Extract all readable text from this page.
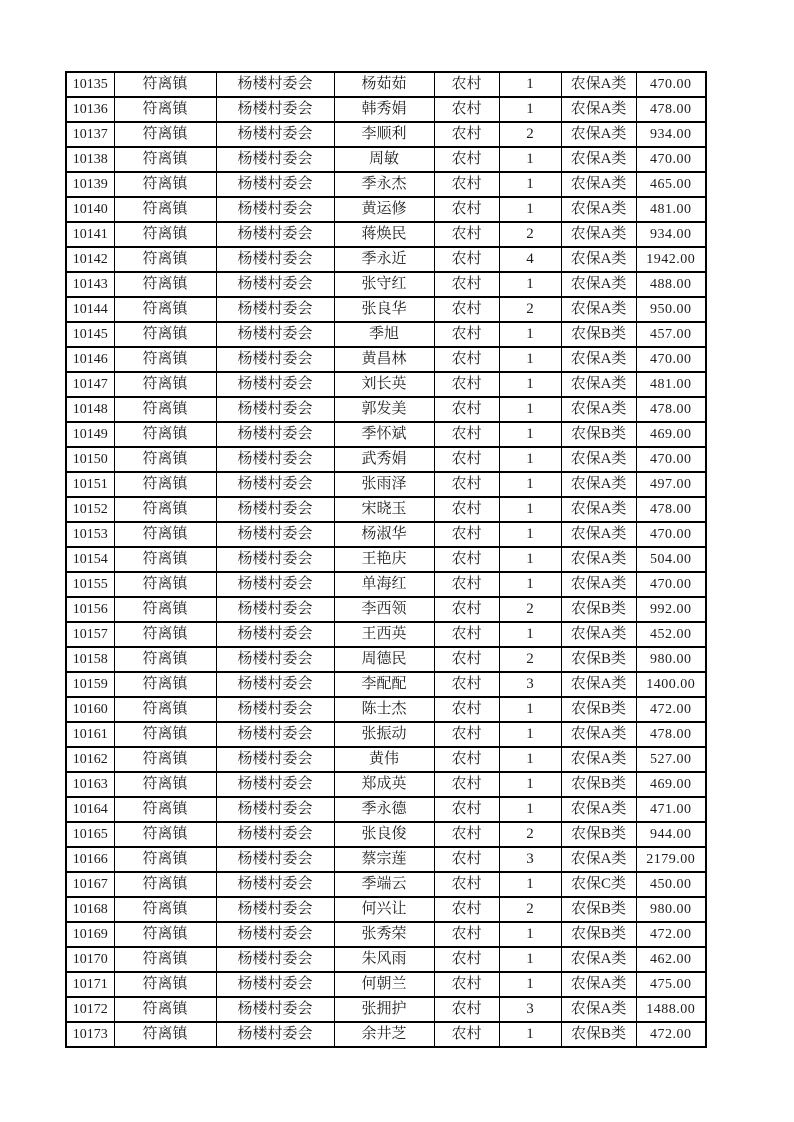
10135	符离镇	杨楼村委会	杨茹茹	农村	1	农保A类	470.00
10136	符离镇	杨楼村委会	韩秀娟	农村	1	农保A类	478.00
10137	符离镇	杨楼村委会	李顺利	农村	2	农保A类	934.00
10138	符离镇	杨楼村委会	周敏	农村	1	农保A类	470.00
10139	符离镇	杨楼村委会	季永杰	农村	1	农保A类	465.00
10140	符离镇	杨楼村委会	黄运修	农村	1	农保A类	481.00
10141	符离镇	杨楼村委会	蒋焕民	农村	2	农保A类	934.00
10142	符离镇	杨楼村委会	季永近	农村	4	农保A类	1942.00
10143	符离镇	杨楼村委会	张守红	农村	1	农保A类	488.00
10144	符离镇	杨楼村委会	张良华	农村	2	农保A类	950.00
10145	符离镇	杨楼村委会	季旭	农村	1	农保B类	457.00
10146	符离镇	杨楼村委会	黄昌林	农村	1	农保A类	470.00
10147	符离镇	杨楼村委会	刘长英	农村	1	农保A类	481.00
10148	符离镇	杨楼村委会	郭发美	农村	1	农保A类	478.00
10149	符离镇	杨楼村委会	季怀斌	农村	1	农保B类	469.00
10150	符离镇	杨楼村委会	武秀娟	农村	1	农保A类	470.00
10151	符离镇	杨楼村委会	张雨泽	农村	1	农保A类	497.00
10152	符离镇	杨楼村委会	宋晓玉	农村	1	农保A类	478.00
10153	符离镇	杨楼村委会	杨淑华	农村	1	农保A类	470.00
10154	符离镇	杨楼村委会	王艳庆	农村	1	农保A类	504.00
10155	符离镇	杨楼村委会	单海红	农村	1	农保A类	470.00
10156	符离镇	杨楼村委会	李西领	农村	2	农保B类	992.00
10157	符离镇	杨楼村委会	王西英	农村	1	农保A类	452.00
10158	符离镇	杨楼村委会	周德民	农村	2	农保B类	980.00
10159	符离镇	杨楼村委会	李配配	农村	3	农保A类	1400.00
10160	符离镇	杨楼村委会	陈士杰	农村	1	农保B类	472.00
10161	符离镇	杨楼村委会	张振动	农村	1	农保A类	478.00
10162	符离镇	杨楼村委会	黄伟	农村	1	农保A类	527.00
10163	符离镇	杨楼村委会	郑成英	农村	1	农保B类	469.00
10164	符离镇	杨楼村委会	季永德	农村	1	农保A类	471.00
10165	符离镇	杨楼村委会	张良俊	农村	2	农保B类	944.00
10166	符离镇	杨楼村委会	蔡宗莲	农村	3	农保A类	2179.00
10167	符离镇	杨楼村委会	季端云	农村	1	农保C类	450.00
10168	符离镇	杨楼村委会	何兴让	农村	2	农保B类	980.00
10169	符离镇	杨楼村委会	张秀荣	农村	1	农保B类	472.00
10170	符离镇	杨楼村委会	朱风雨	农村	1	农保A类	462.00
10171	符离镇	杨楼村委会	何朝兰	农村	1	农保A类	475.00
10172	符离镇	杨楼村委会	张拥护	农村	3	农保A类	1488.00
10173	符离镇	杨楼村委会	余井芝	农村	1	农保B类	472.00
